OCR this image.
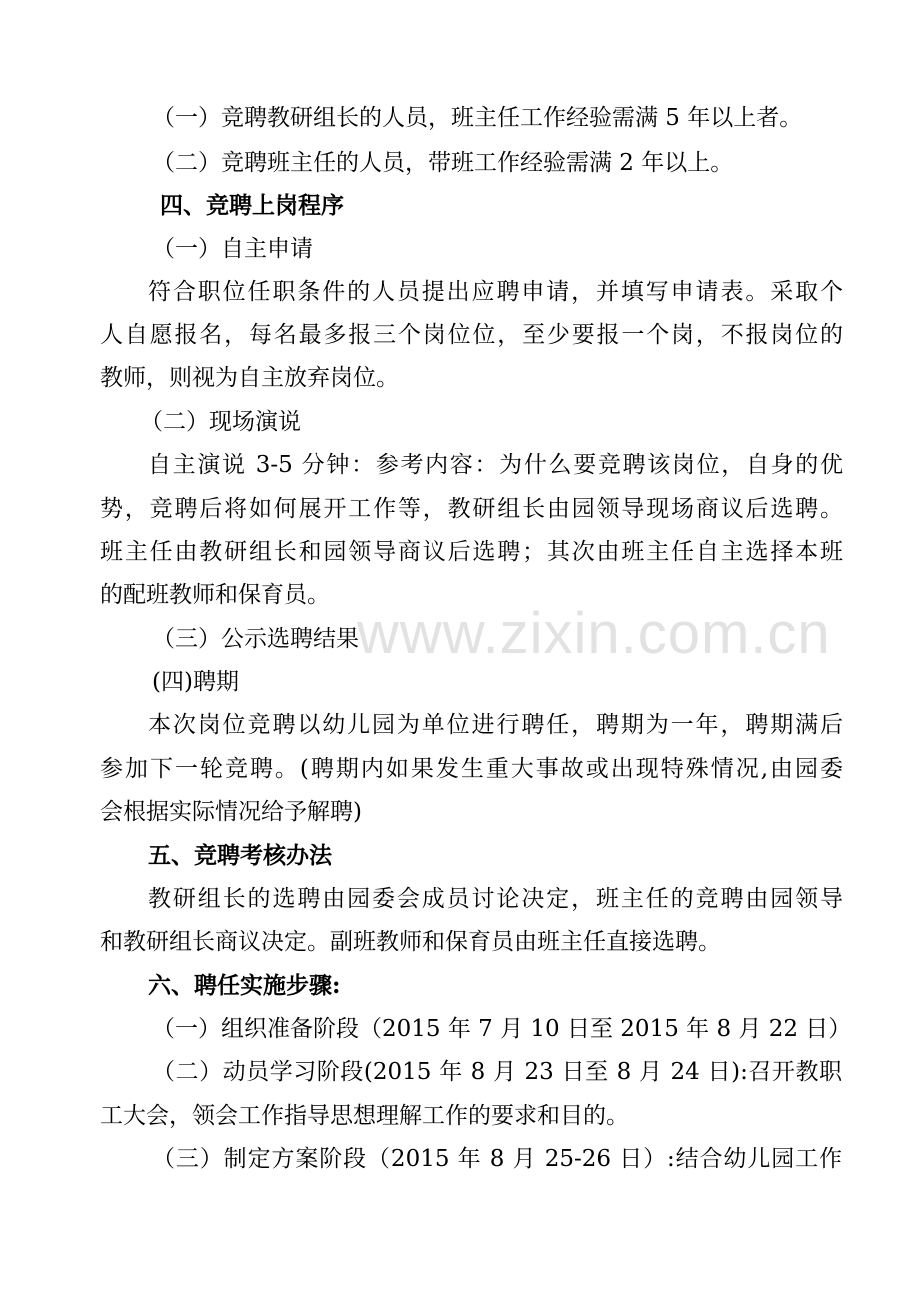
（一）竞聘教研组长的人员，班主任工作经验需满 5 年以上者。
（二）竞聘班主任的人员，带班工作经验需满 2 年以上。
四、竞聘上岗程序
（一）自主申请
符合职位任职条件的人员提出应聘申请，并填写申请表。采取个
人自愿报名，每名最多报三个岗位位，至少要报一个岗，不报岗位的
教师，则视为自主放弃岗位。
（二）现场演说
自主演说 3-5 分钟：参考内容：为什么要竞聘该岗位，自身的优
势，竞聘后将如何展开工作等，教研组长由园领导现场商议后选聘。
班主任由教研组长和园领导商议后选聘；其次由班主任自主选择本班
的配班教师和保育员。
（三）公示选聘结果
(四)聘期
本次岗位竞聘以幼儿园为单位进行聘任，聘期为一年，聘期满后
参加下一轮竞聘。(聘期内如果发生重大事故或出现特殊情况,由园委
会根据实际情况给予解聘)
五、竞聘考核办法
教研组长的选聘由园委会成员讨论决定，班主任的竞聘由园领导
和教研组长商议决定。副班教师和保育员由班主任直接选聘。
六、聘任实施步骤:
（一）组织准备阶段（2015 年 7 月 10 日至 2015 年 8 月 22 日）
（二）动员学习阶段(2015 年 8 月 23 日至 8 月 24 日):召开教职
工大会，领会工作指导思想理解工作的要求和目的。
（三）制定方案阶段（2015 年 8 月 25-26 日）:结合幼儿园工作
www.zixin.com.cn
